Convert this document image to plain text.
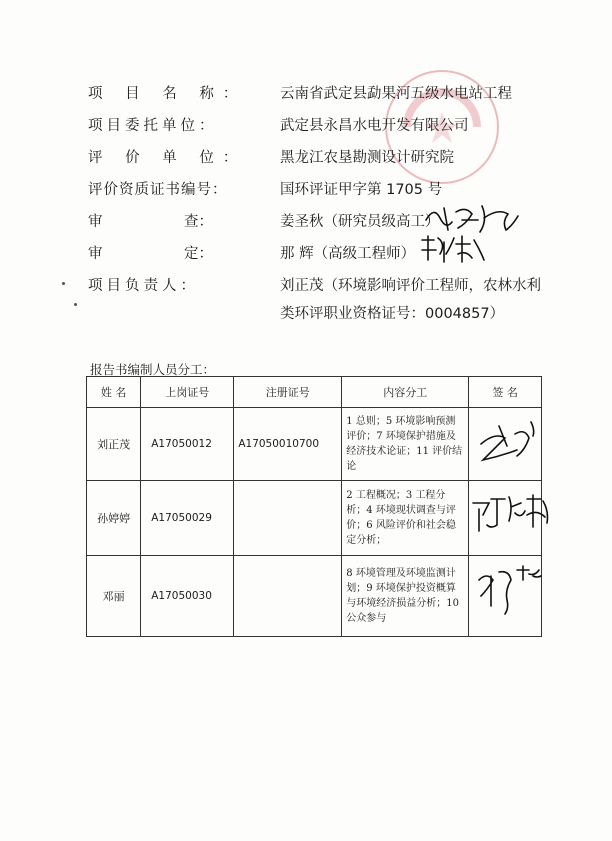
项 目 名 称：	云南省武定县勐果河五级水电站工程
项目委托单位：	武定县永昌水电开发有限公司
评 价 单 位：	黑龙江农垦勘测设计研究院
评价资质证书编号：	国环评证甲字第 1705 号
审	查：	姜圣秋（研究员级高工）
审	定：	那 辉（高级工程师）
项目负责人：	刘正茂（环境影响评价工程师，农林水利
类环评职业资格证号：0004857）
报告书编制人员分工：
姓 名	上岗证号	注册证号	内容分工	签 名
刘正茂	A17050012	A17050010700	1 总则；5 环境影响预测评价；7 环境保护措施及经济技术论证；11 评价结论	

孙婷婷	A17050029		2 工程概况；3 工程分析；4 环境现状调查与评价；6 风险评价和社会稳定分析；	

邓丽	A17050030		8 环境管理及环境监测计划；9 环境保护投资概算与环境经济损益分析；10 公众参与	
